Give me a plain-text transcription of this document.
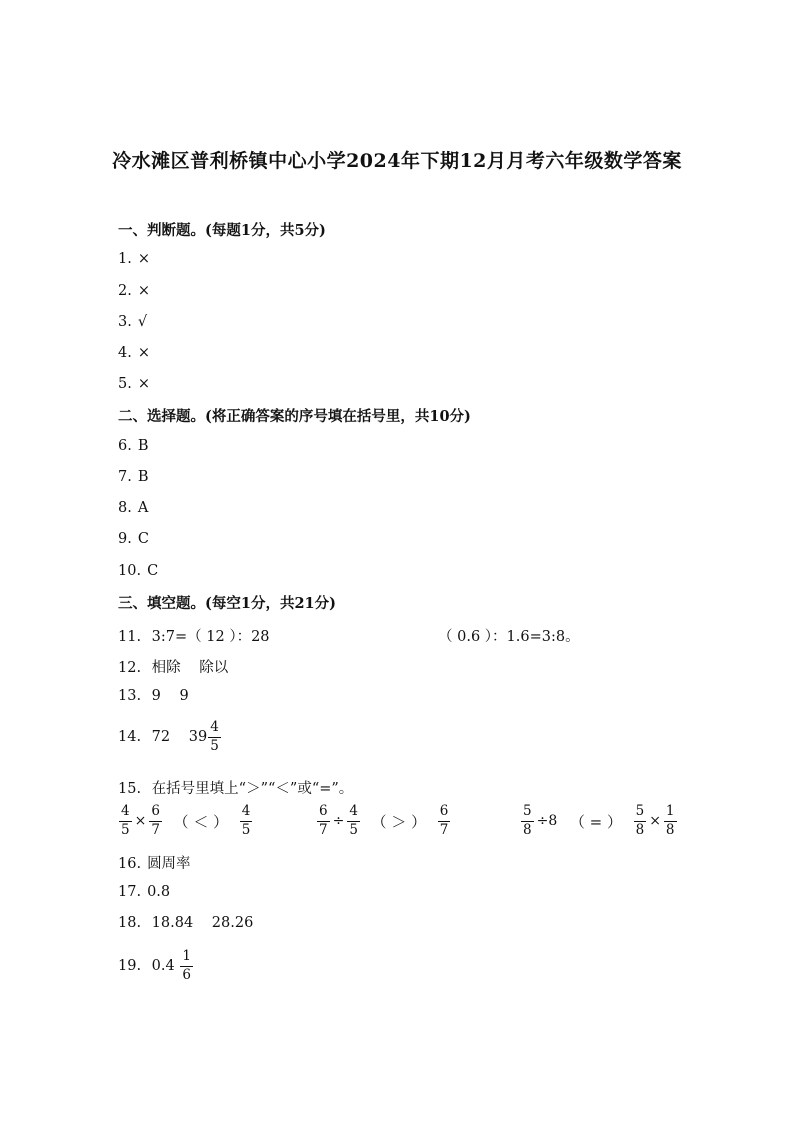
冷水滩区普利桥镇中心小学2024年下期12月月考六年级数学答案
一、判断题。(每题1分，共5分)
1. ×
2. ×
3. √
4. ×
5. ×
二、选择题。(将正确答案的序号填在括号里，共10分)
6. B
7. B
8. A
9. C
10. C
三、填空题。(每空1分，共21分)
11. 3:7=（ 12 ）：28	（ 0.6 ）：1.6=3:8。
12. 相除 除以
13. 9 9
14. 72 $39 \frac{4}{5}$
15. 在括号里填上“＞”“＜”或“=”。
$\frac{4}{5} \times \frac{6}{7}$ （ ＜ ） $\frac{4}{5}$	$\frac{6}{7} \div \frac{4}{5}$ （ ＞ ） $\frac{6}{7}$	$\frac{5}{8} \div 8$ （ = ） $\frac{5}{8} \times \frac{1}{8}$
16. 圆周率
17. 0.8
18. 18.84 28.26
19. $0.4 \frac{1}{6}$
